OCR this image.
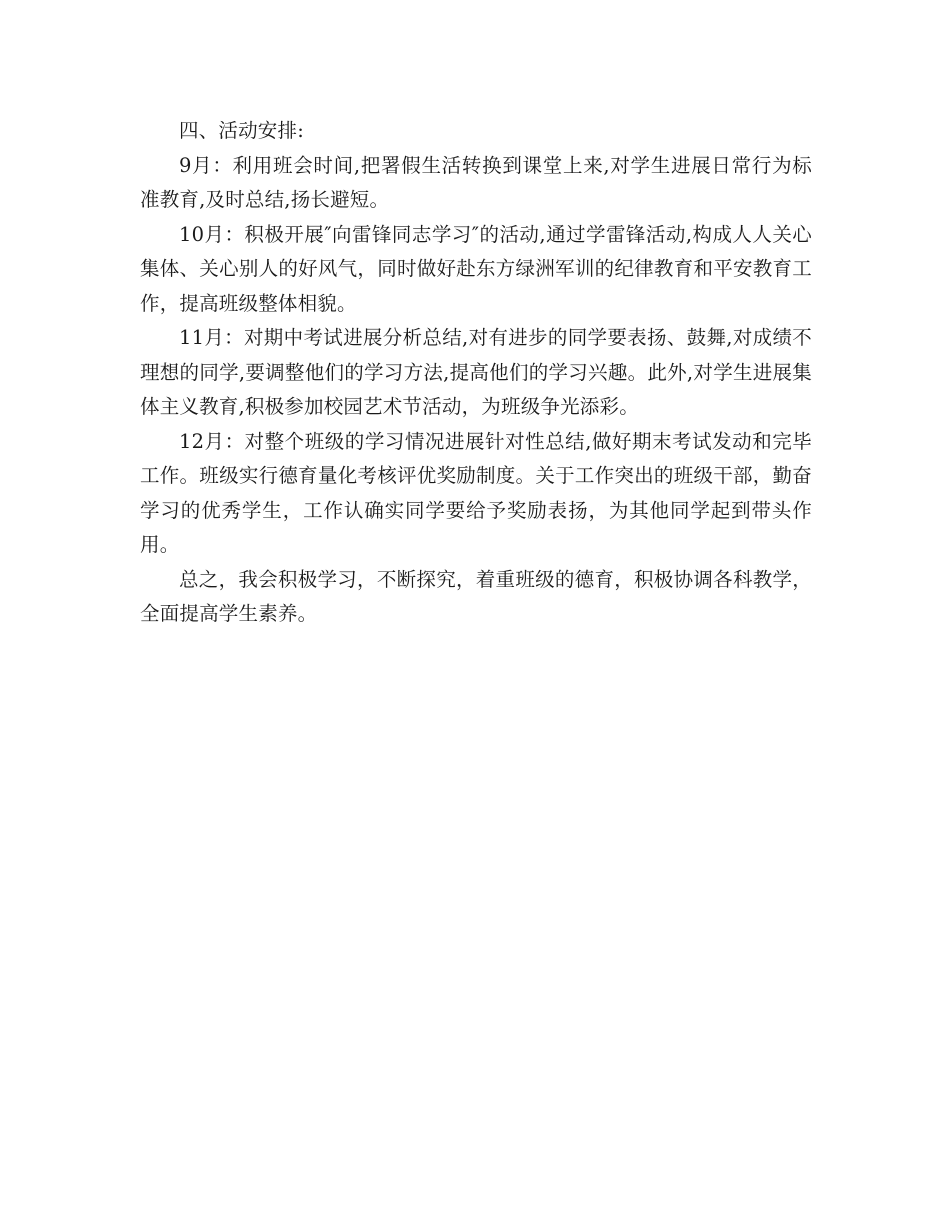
四、活动安排:

9月：利用班会时间,把署假生活转换到课堂上来,对学生进展日常行为标准教育,及时总结,扬长避短。

10月：积极开展″向雷锋同志学习″的活动,通过学雷锋活动,构成人人关心集体、关心别人的好风气，同时做好赴东方绿洲军训的纪律教育和平安教育工作，提高班级整体相貌。

11月：对期中考试进展分析总结,对有进步的同学要表扬、鼓舞,对成绩不理想的同学,要调整他们的学习方法,提高他们的学习兴趣。此外,对学生进展集体主义教育,积极参加校园艺术节活动，为班级争光添彩。

12月：对整个班级的学习情况进展针对性总结,做好期末考试发动和完毕工作。班级实行德育量化考核评优奖励制度。关于工作突出的班级干部，勤奋学习的优秀学生，工作认确实同学要给予奖励表扬，为其他同学起到带头作用。

总之，我会积极学习，不断探究，着重班级的德育，积极协调各科教学，全面提高学生素养。
